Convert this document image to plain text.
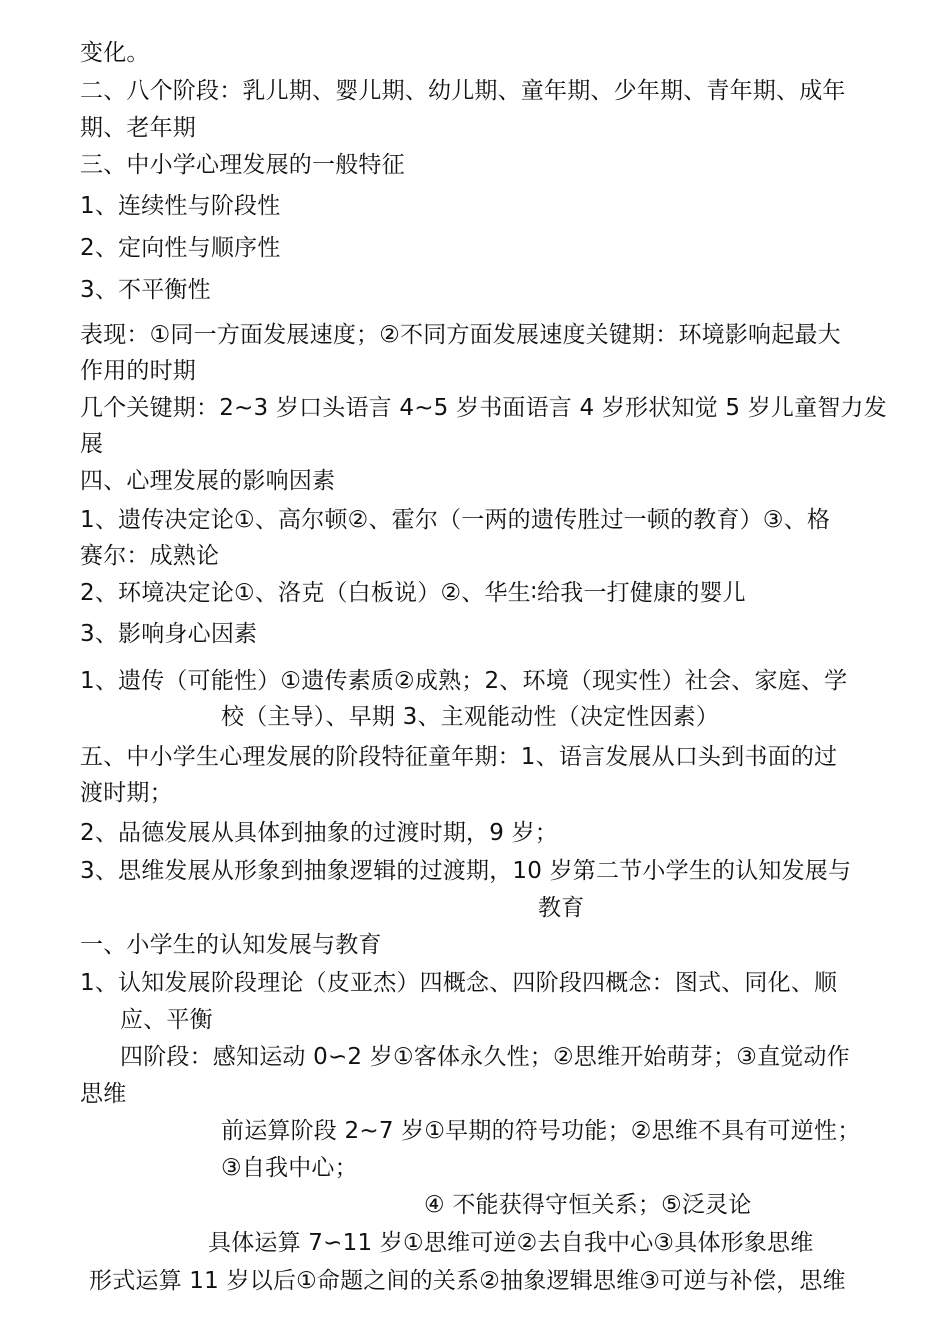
变化。
二、八个阶段：乳儿期、婴儿期、幼儿期、童年期、少年期、青年期、成年
期、老年期
三、中小学心理发展的一般特征
1、连续性与阶段性
2、定向性与顺序性
3、不平衡性
表现：①同一方面发展速度；②不同方面发展速度关键期：环境影响起最大
作用的时期
几个关键期：2~3 岁口头语言 4~5 岁书面语言 4 岁形状知觉 5 岁儿童智力发
展
四、心理发展的影响因素
1、遗传决定论①、高尔顿②、霍尔（一两的遗传胜过一顿的教育）③、格
赛尔：成熟论
2、环境决定论①、洛克（白板说）②、华生∶给我一打健康的婴儿
3、影响身心因素
1、遗传（可能性）①遗传素质②成熟；2、环境（现实性）社会、家庭、学
校（主导）、早期 3、主观能动性（决定性因素）
五、中小学生心理发展的阶段特征童年期：1、语言发展从口头到书面的过
渡时期；
2、品德发展从具体到抽象的过渡时期，9 岁；
3、思维发展从形象到抽象逻辑的过渡期，10 岁第二节小学生的认知发展与
教育
一、小学生的认知发展与教育
1、认知发展阶段理论（皮亚杰）四概念、四阶段四概念：图式、同化、顺
应、平衡
四阶段：感知运动 0∽2 岁①客体永久性；②思维开始萌芽；③直觉动作
思维
前运算阶段 2~7 岁①早期的符号功能；②思维不具有可逆性；
③自我中心；
④ 不能获得守恒关系；⑤泛灵论
具体运算 7∽11 岁①思维可逆②去自我中心③具体形象思维
形式运算 11 岁以后①命题之间的关系②抽象逻辑思维③可逆与补偿，思维
